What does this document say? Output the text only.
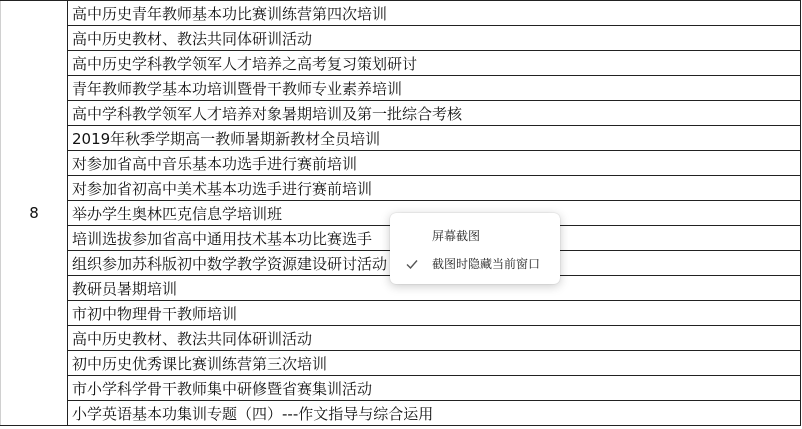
8	高中历史青年教师基本功比赛训练营第四次培训
高中历史教材、教法共同体研训活动
高中历史学科教学领军人才培养之高考复习策划研讨
青年教师教学基本功培训暨骨干教师专业素养培训
高中学科教学领军人才培养对象暑期培训及第一批综合考核
2019年秋季学期高一教师暑期新教材全员培训
对参加省高中音乐基本功选手进行赛前培训
对参加省初高中美术基本功选手进行赛前培训
举办学生奥林匹克信息学培训班
培训选拔参加省高中通用技术基本功比赛选手
组织参加苏科版初中数学教学资源建设研讨活动
教研员暑期培训
市初中物理骨干教师培训
高中历史教材、教法共同体研训活动
初中历史优秀课比赛训练营第三次培训
市小学科学骨干教师集中研修暨省赛集训活动
小学英语基本功集训专题（四）---作文指导与综合运用
屏幕截图
截图时隐藏当前窗口
